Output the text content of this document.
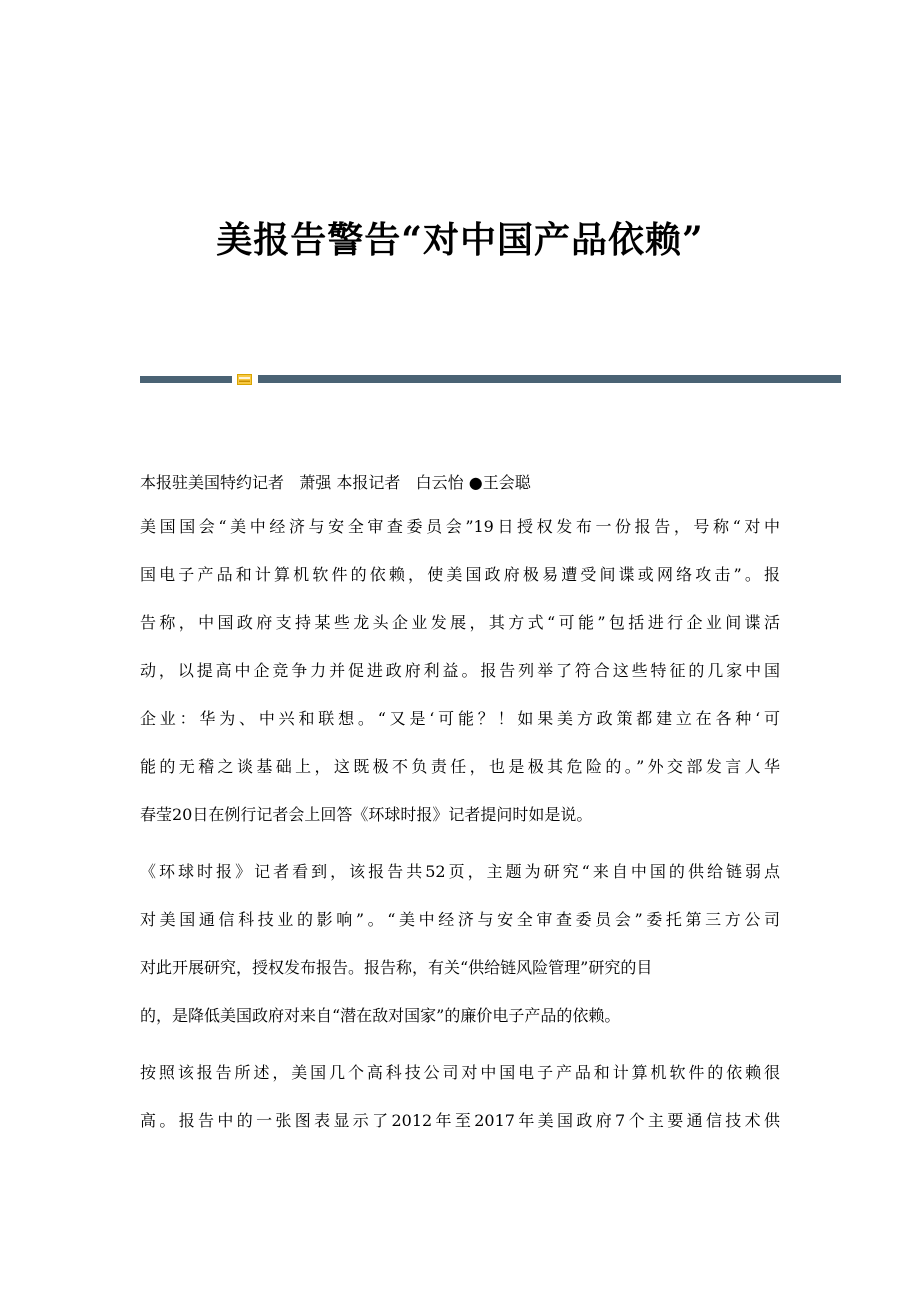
美报告警告“对中国产品依赖”
本报驻美国特约记者 萧强 本报记者 白云怡 ●王会聪
美国国会“美中经济与安全审查委员会”19日授权发布一份报告，号称“对中
国电子产品和计算机软件的依赖，使美国政府极易遭受间谍或网络攻击”。报
告称，中国政府支持某些龙头企业发展，其方式“可能”包括进行企业间谍活
动，以提高中企竞争力并促进政府利益。报告列举了符合这些特征的几家中国
企业：华为、中兴和联想。“又是‘可能？！如果美方政策都建立在各种‘可
能的无稽之谈基础上，这既极不负责任，也是极其危险的。”外交部发言人华
春莹20日在例行记者会上回答《环球时报》记者提问时如是说。
《环球时报》记者看到，该报告共52页，主题为研究“来自中国的供给链弱点
对美国通信科技业的影响”。“美中经济与安全审查委员会”委托第三方公司
对此开展研究，授权发布报告。报告称，有关“供给链风险管理”研究的目
的，是降低美国政府对来自“潜在敌对国家”的廉价电子产品的依赖。
按照该报告所述，美国几个高科技公司对中国电子产品和计算机软件的依赖很
高。报告中的一张图表显示了2012年至2017年美国政府7个主要通信技术供
